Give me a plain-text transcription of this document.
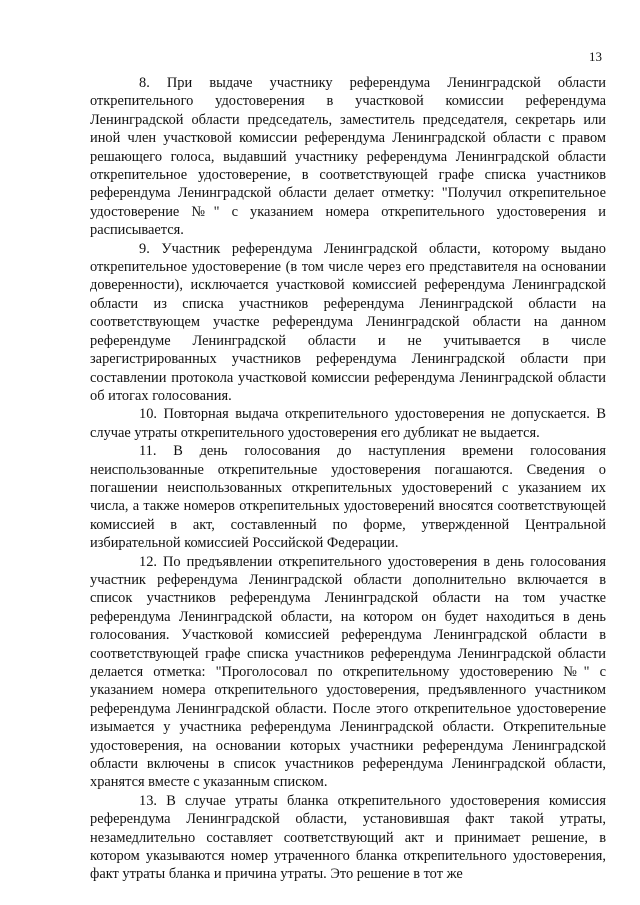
13

8. При выдаче участнику референдума Ленинградской области открепительного удостоверения в участковой комиссии референдума Ленинградской области председатель, заместитель председателя, секретарь или иной член участковой комиссии референдума Ленинградской области с правом решающего голоса, выдавший участнику референдума Ленинградской области открепительное удостоверение, в соответствующей графе списка участников референдума Ленинградской области делает отметку: "Получил открепительное удостоверение №" с указанием номера открепительного удостоверения и расписывается.

9. Участник референдума Ленинградской области, которому выдано открепительное удостоверение (в том числе через его представителя на основании доверенности), исключается участковой комиссией референдума Ленинградской области из списка участников референдума Ленинградской области на соответствующем участке референдума Ленинградской области на данном референдуме Ленинградской области и не учитывается в числе зарегистрированных участников референдума Ленинградской области при составлении протокола участковой комиссии референдума Ленинградской области об итогах голосования.

10. Повторная выдача открепительного удостоверения не допускается. В случае утраты открепительного удостоверения его дубликат не выдается.

11. В день голосования до наступления времени голосования неиспользованные открепительные удостоверения погашаются. Сведения о погашении неиспользованных открепительных удостоверений с указанием их числа, а также номеров открепительных удостоверений вносятся соответствующей комиссией в акт, составленный по форме, утвержденной Центральной избирательной комиссией Российской Федерации.

12. По предъявлении открепительного удостоверения в день голосования участник референдума Ленинградской области дополнительно включается в список участников референдума Ленинградской области на том участке референдума Ленинградской области, на котором он будет находиться в день голосования. Участковой комиссией референдума Ленинградской области в соответствующей графе списка участников референдума Ленинградской области делается отметка: "Проголосовал по открепительному удостоверению №" с указанием номера открепительного удостоверения, предъявленного участником референдума Ленинградской области. После этого открепительное удостоверение изымается у участника референдума Ленинградской области. Открепительные удостоверения, на основании которых участники референдума Ленинградской области включены в список участников референдума Ленинградской области, хранятся вместе с указанным списком.

13. В случае утраты бланка открепительного удостоверения комиссия референдума Ленинградской области, установившая факт такой утраты, незамедлительно составляет соответствующий акт и принимает решение, в котором указываются номер утраченного бланка открепительного удостоверения, факт утраты бланка и причина утраты. Это решение в тот же
